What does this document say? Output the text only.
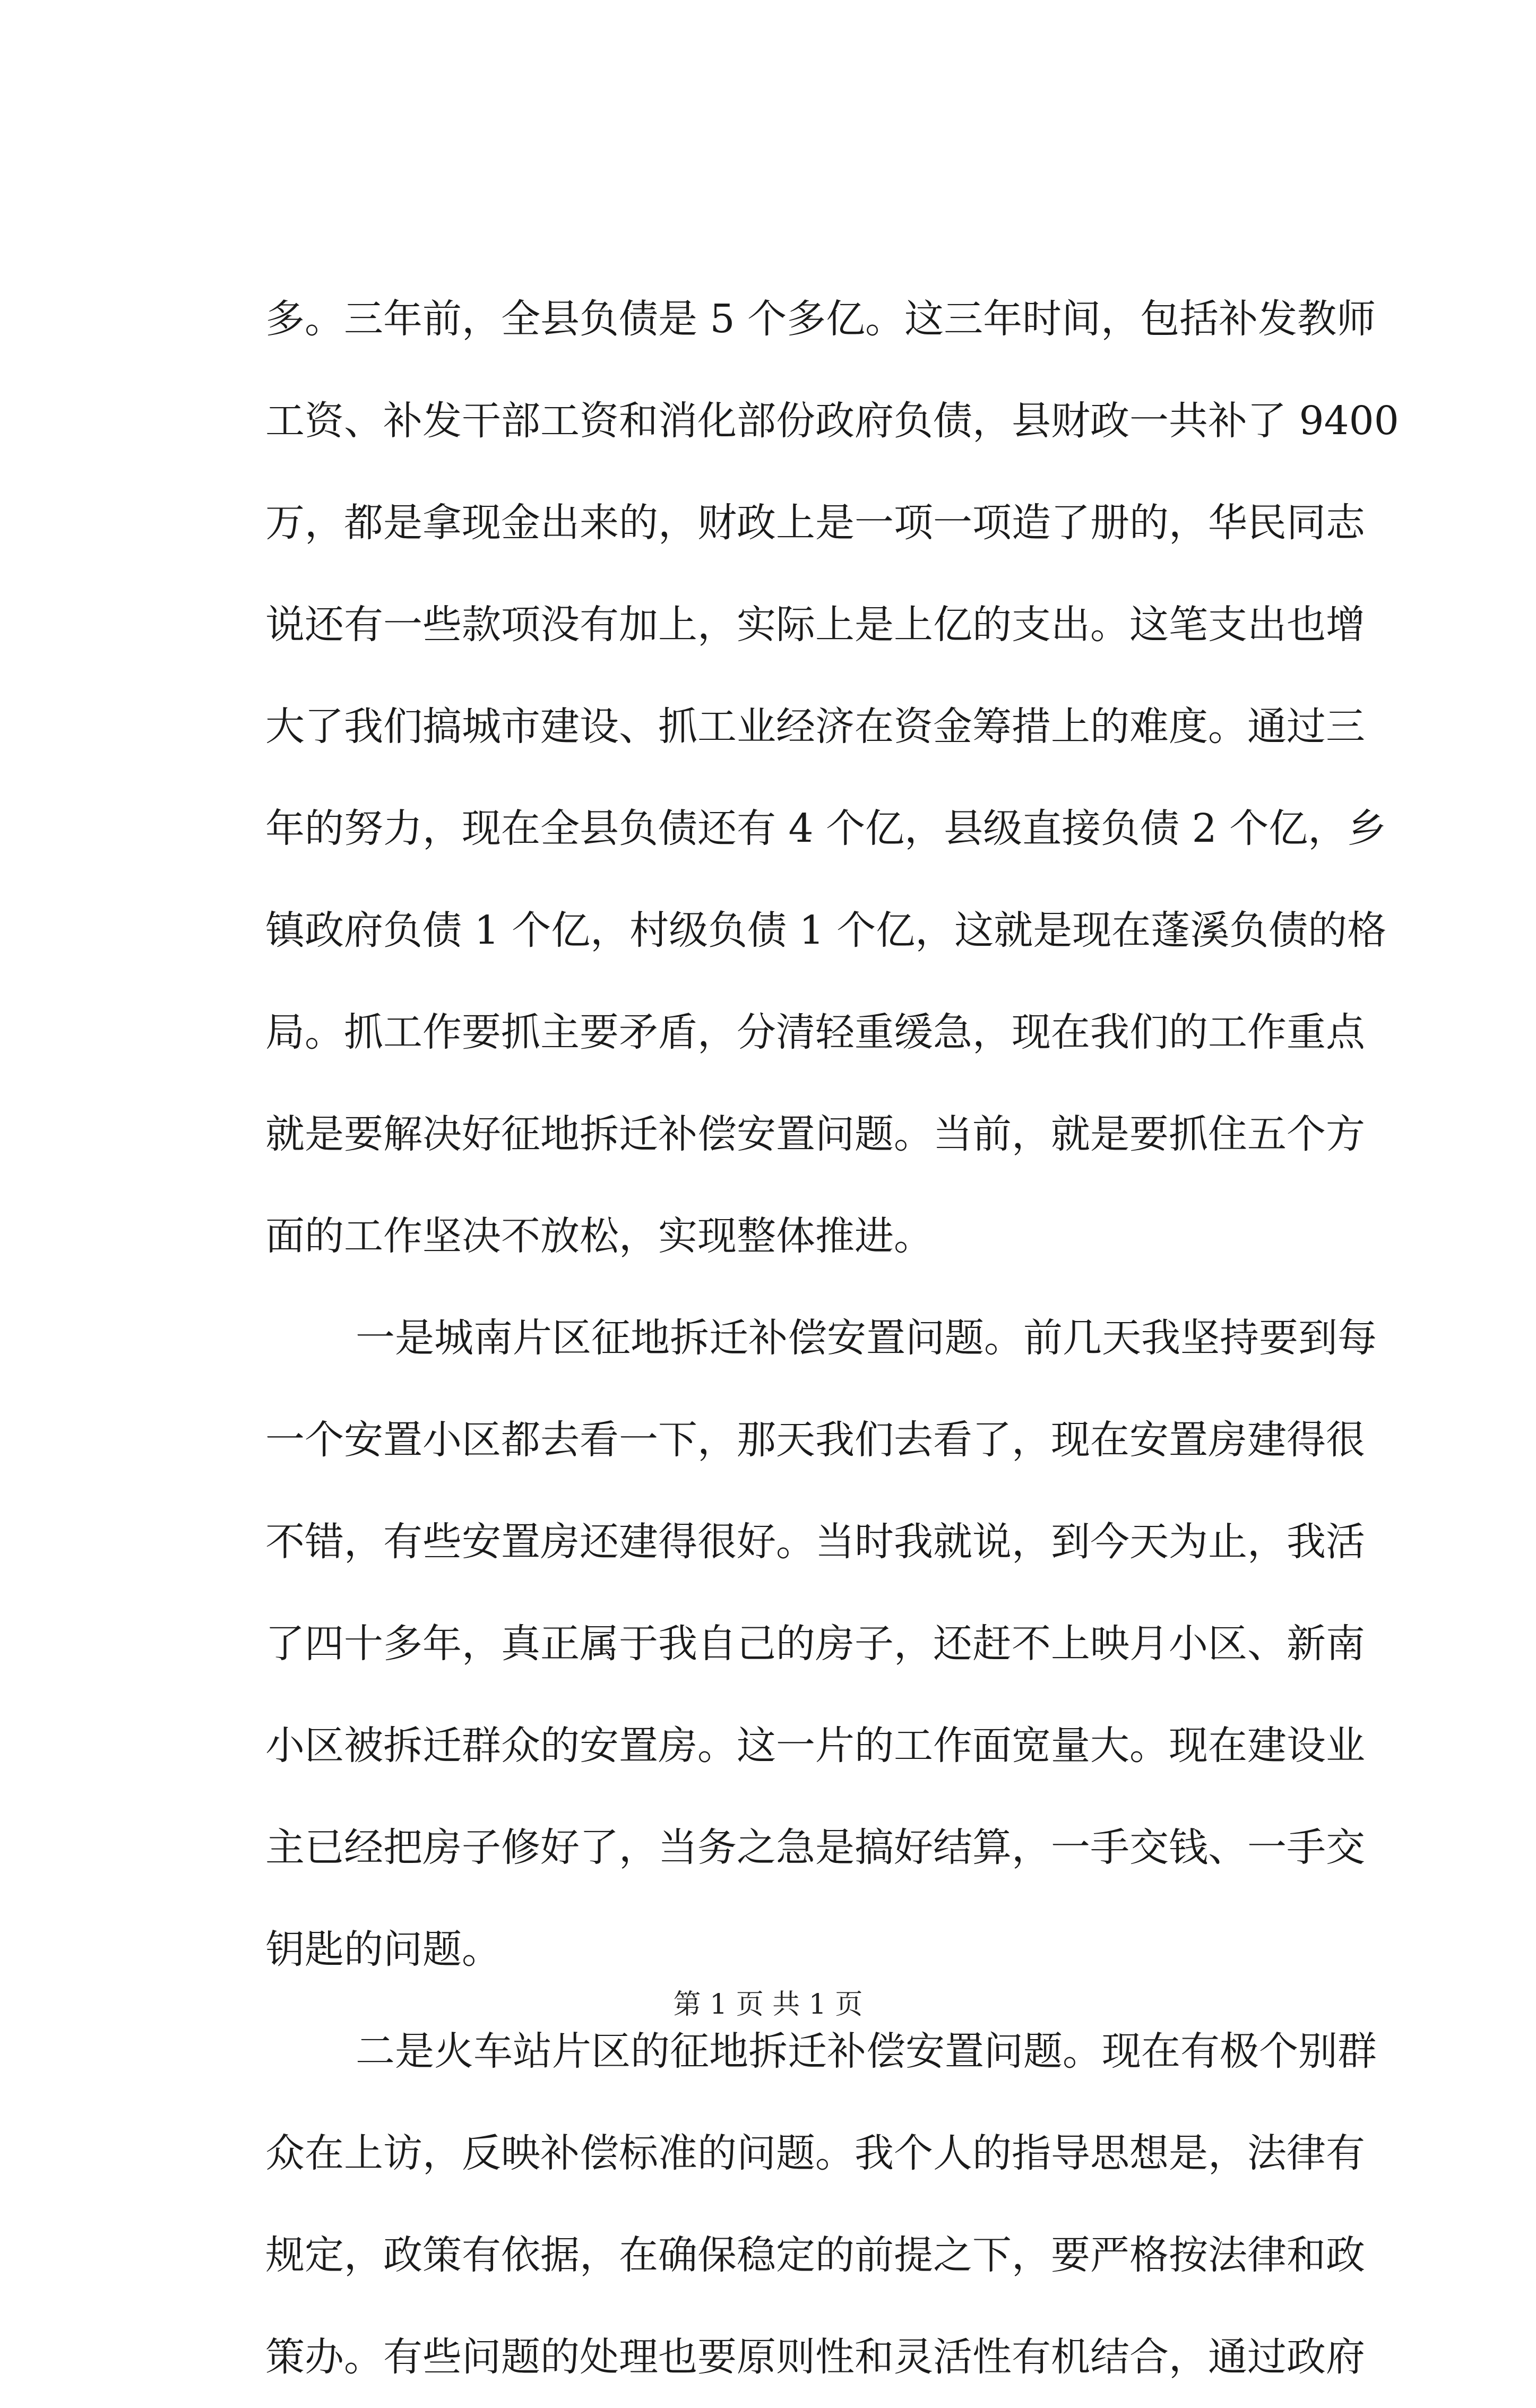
多。三年前，全县负债是 5 个多亿。这三年时间，包括补发教师
工资、补发干部工资和消化部份政府负债，县财政一共补了 9400
万，都是拿现金出来的，财政上是一项一项造了册的，华民同志
说还有一些款项没有加上，实际上是上亿的支出。这笔支出也增
大了我们搞城市建设、抓工业经济在资金筹措上的难度。通过三
年的努力，现在全县负债还有 4 个亿，县级直接负债 2 个亿，乡
镇政府负债 1 个亿，村级负债 1 个亿，这就是现在蓬溪负债的格
局。抓工作要抓主要矛盾，分清轻重缓急，现在我们的工作重点
就是要解决好征地拆迁补偿安置问题。当前，就是要抓住五个方
面的工作坚决不放松，实现整体推进。
一是城南片区征地拆迁补偿安置问题。前几天我坚持要到每
一个安置小区都去看一下，那天我们去看了，现在安置房建得很
不错，有些安置房还建得很好。当时我就说，到今天为止，我活
了四十多年，真正属于我自己的房子，还赶不上映月小区、新南
小区被拆迁群众的安置房。这一片的工作面宽量大。现在建设业
主已经把房子修好了，当务之急是搞好结算，一手交钱、一手交
钥匙的问题。
二是火车站片区的征地拆迁补偿安置问题。现在有极个别群
众在上访，反映补偿标准的问题。我个人的指导思想是，法律有
规定，政策有依据，在确保稳定的前提之下，要严格按法律和政
策办。有些问题的处理也要原则性和灵活性有机结合，通过政府
第 1 页 共 1 页
